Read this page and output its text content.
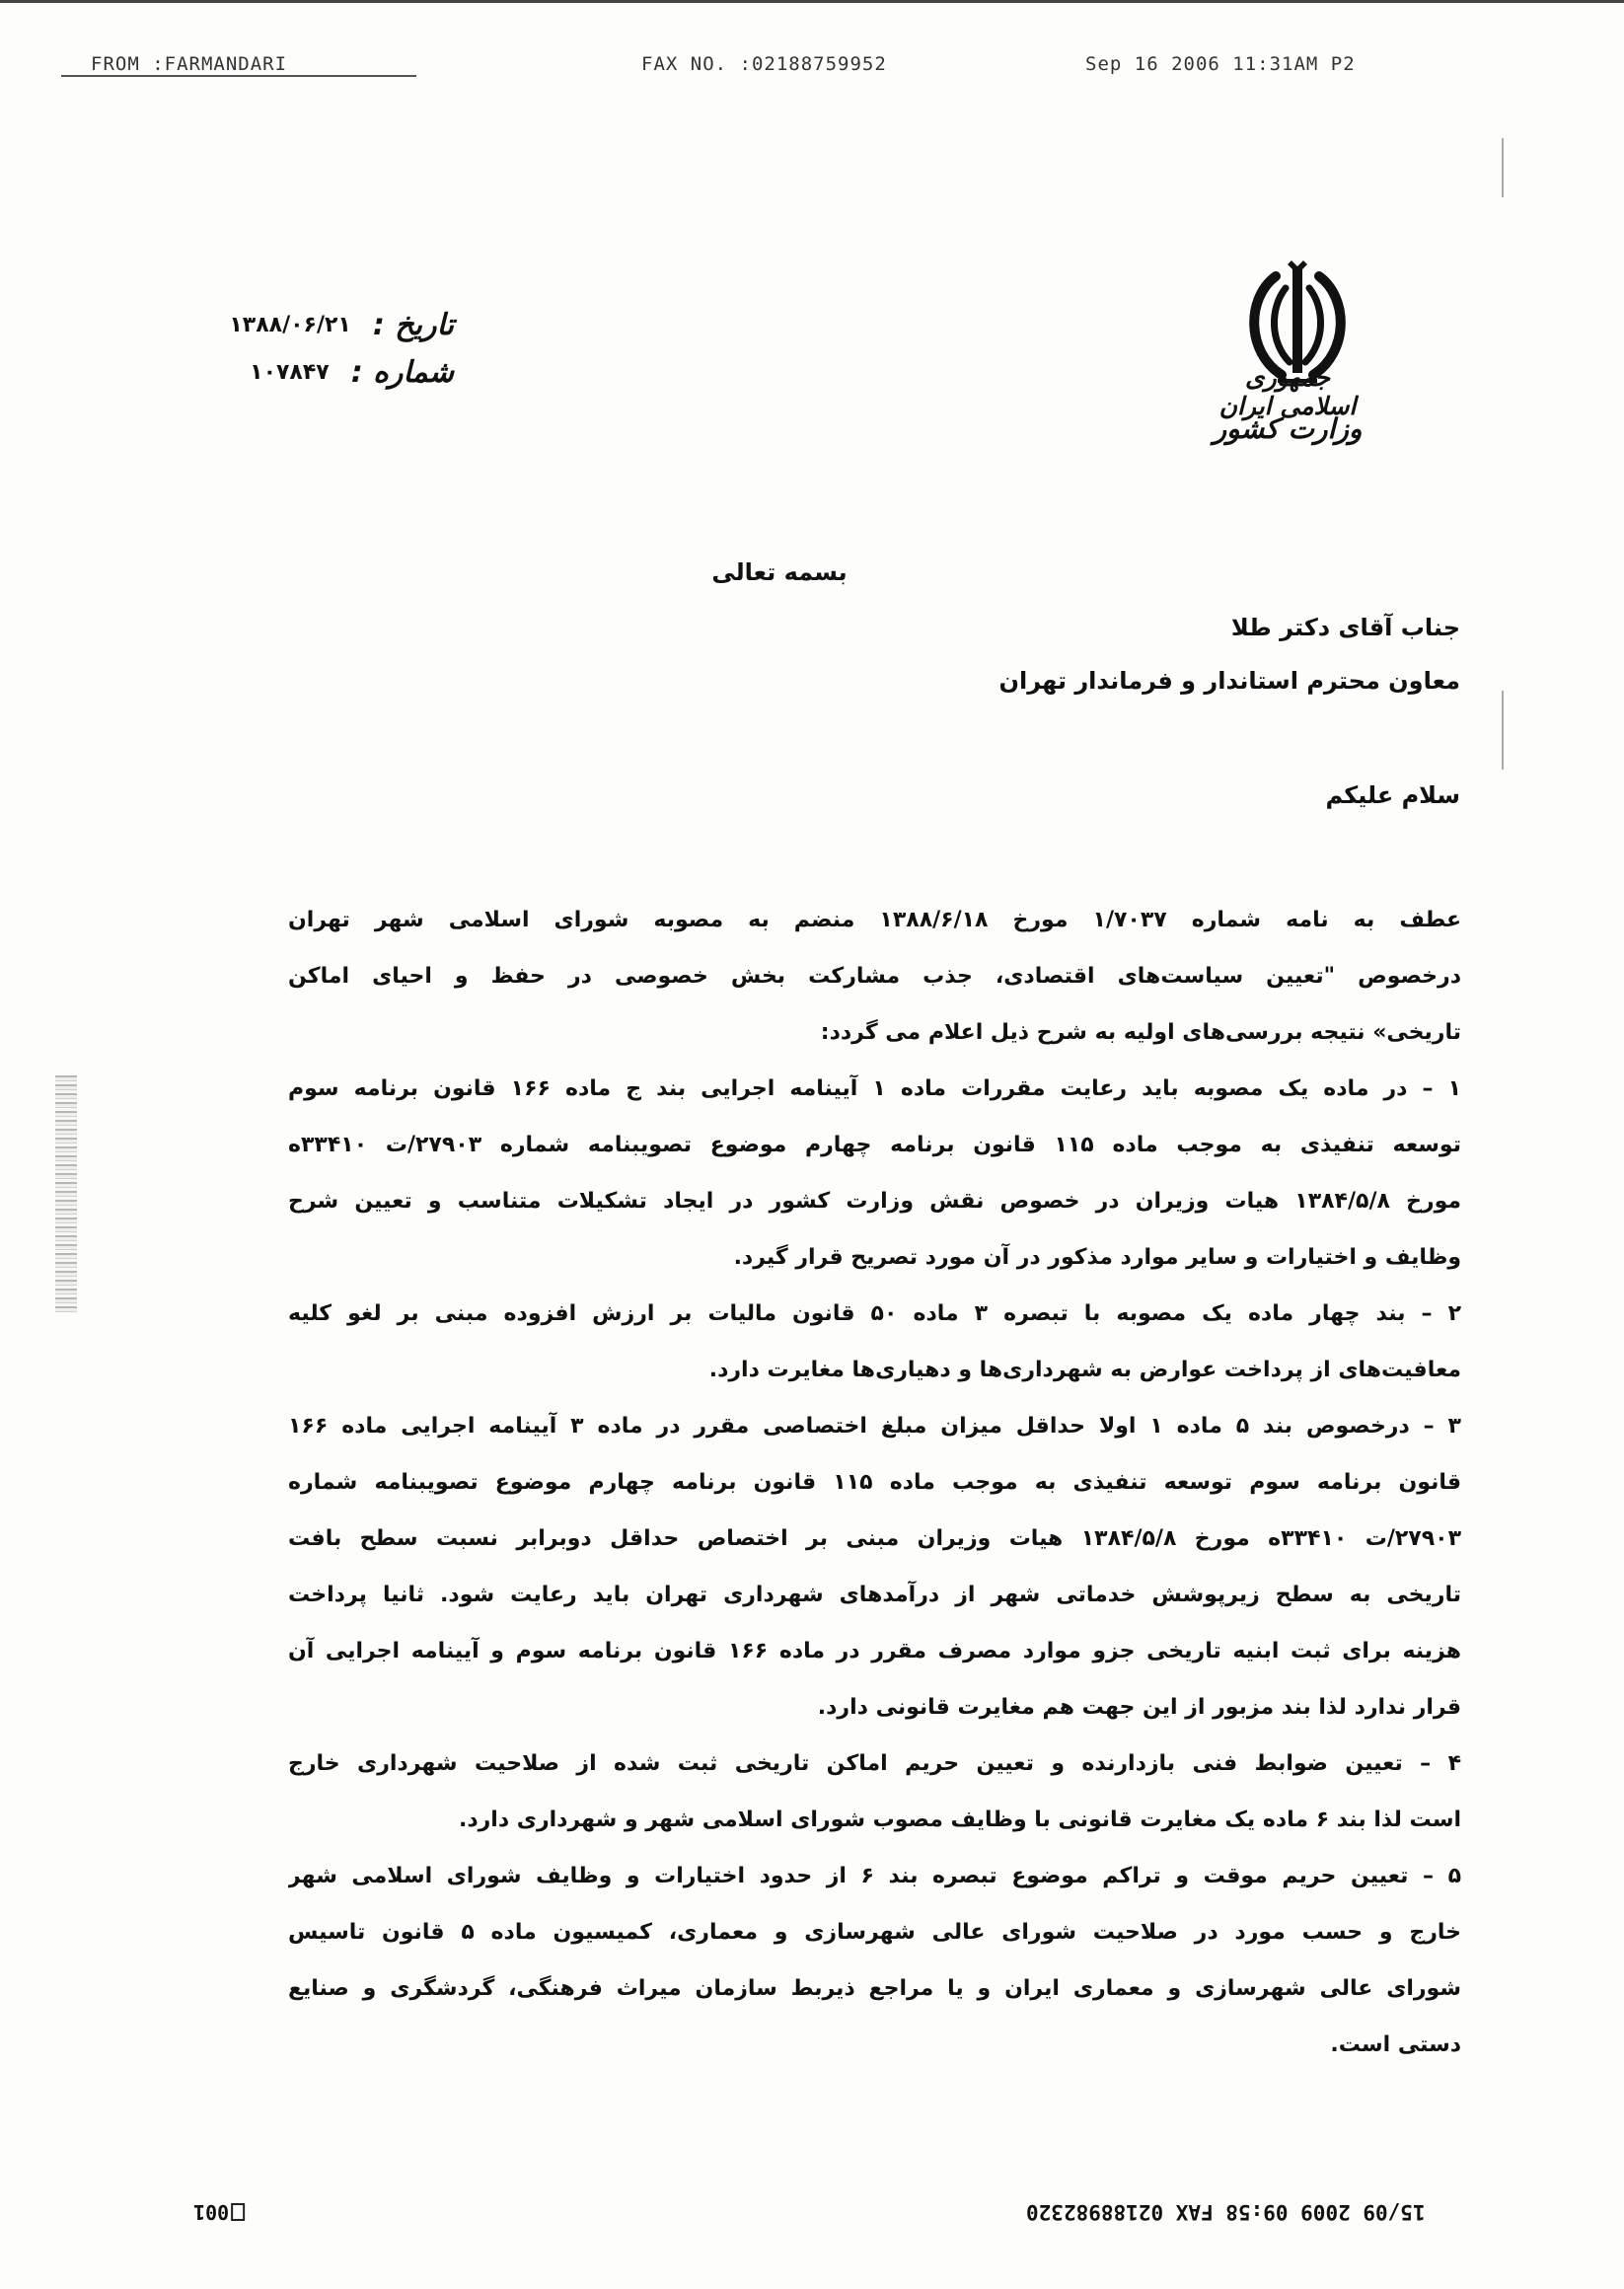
FROM :FARMANDARI	FAX NO. :02188759952	Sep 16 2006 11:31AM P2
جمهوری اسلامی ایران
وزارت کشور
تاریخ :
۱۳۸۸/۰۶/۲۱
شماره :
۱۰۷۸۴۷
بسمه تعالی
جناب آقای دکتر طلا
معاون محترم استاندار و فرماندار تهران
سلام علیکم
عطف به نامه شماره ۱/۷۰۳۷ مورخ ۱۳۸۸/۶/۱۸ منضم به مصوبه شورای اسلامی شهر تهران
درخصوص "تعیین سیاست‌های اقتصادی، جذب مشارکت بخش خصوصی در حفظ و احیای اماکن
تاریخی» نتیجه بررسی‌های اولیه به شرح ذیل اعلام می گردد:
۱ – در ماده یک مصوبه باید رعایت مقررات ماده ۱ آیینامه اجرایی بند ج ماده ۱۶۶ قانون برنامه سوم
توسعه تنفیذی به موجب ماده ۱۱۵ قانون برنامه چهارم موضوع تصویبنامه شماره ۲۷۹۰۳/ت ۳۳۴۱۰ه
مورخ ۱۳۸۴/۵/۸ هیات وزیران در خصوص نقش وزارت کشور در ایجاد تشکیلات متناسب و تعیین شرح
وظایف و اختیارات و سایر موارد مذکور در آن مورد تصریح قرار گیرد.
۲ – بند چهار ماده یک مصوبه با تبصره ۳ ماده ۵۰ قانون مالیات بر ارزش افزوده مبنی بر لغو کلیه
معافیت‌های از پرداخت عوارض به شهرداری‌ها و دهیاری‌ها مغایرت دارد.
۳ – درخصوص بند ۵ ماده ۱ اولا حداقل میزان مبلغ اختصاصی مقرر در ماده ۳ آیینامه اجرایی ماده ۱۶۶
قانون برنامه سوم توسعه تنفیذی به موجب ماده ۱۱۵ قانون برنامه چهارم موضوع تصویبنامه شماره
۲۷۹۰۳/ت ۳۳۴۱۰ه مورخ ۱۳۸۴/۵/۸ هیات وزیران مبنی بر اختصاص حداقل دوبرابر نسبت سطح بافت
تاریخی به سطح زیرپوشش خدماتی شهر از درآمدهای شهرداری تهران باید رعایت شود. ثانیا پرداخت
هزینه برای ثبت ابنیه تاریخی جزو موارد مصرف مقرر در ماده ۱۶۶ قانون برنامه سوم و آیینامه اجرایی آن
قرار ندارد لذا بند مزبور از این جهت هم مغایرت قانونی دارد.
۴ – تعیین ضوابط فنی بازدارنده و تعیین حریم اماکن تاریخی ثبت شده از صلاحیت شهرداری خارج
است لذا بند ۶ ماده یک مغایرت قانونی با وظایف مصوب شورای اسلامی شهر و شهرداری دارد.
۵ – تعیین حریم موقت و تراکم موضوع تبصره بند ۶ از حدود اختیارات و وظایف شورای اسلامی شهر
خارج و حسب مورد در صلاحیت شورای عالی شهرسازی و معماری، کمیسیون ماده ۵ قانون تاسیس
شورای عالی شهرسازی و معماری ایران و یا مراجع ذیربط سازمان میراث فرهنگی، گردشگری و صنایع
دستی است.
001	15/09 2009 09:58 FAX 02188982320
